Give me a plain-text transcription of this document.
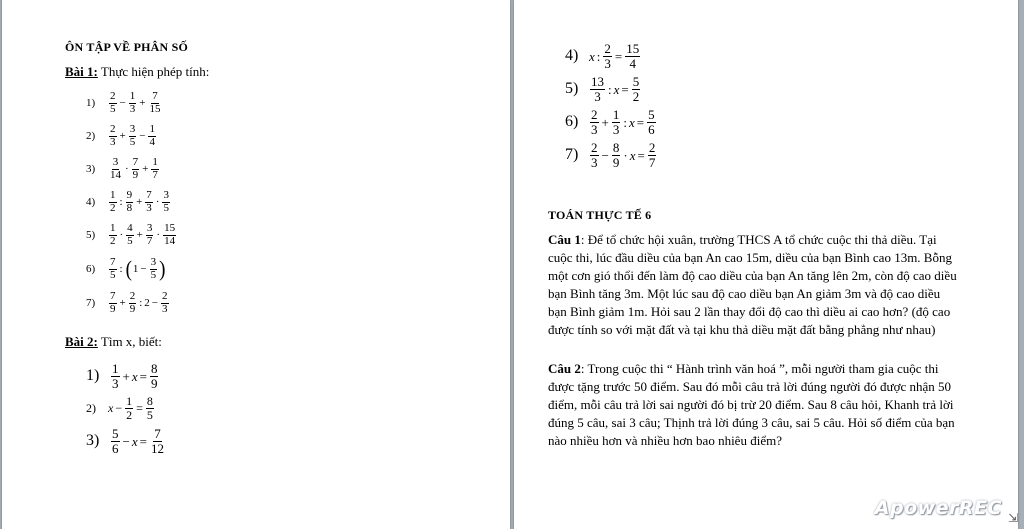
ÔN TẬP VỀ PHÂN SỐ
Bài 1: Thực hiện phép tính:
1)	$\frac{2}{5} - \frac{1}{3} + \frac{7}{15}$
2)	$\frac{2}{3} + \frac{3}{5} - \frac{1}{4}$
3)	$\frac{3}{14} \cdot \frac{7}{9} + \frac{1}{7}$
4)	$\frac{1}{2}$ : $\frac{9}{8} + \frac{7}{3} \cdot \frac{3}{5}$
5)	$\frac{1}{2} \cdot \frac{4}{5} + \frac{3}{7} \cdot \frac{15}{14}$
6)	$\frac{7}{5}$ : ( $1 - \frac{3}{5}$ )
7)	$\frac{7}{9} + \frac{2}{9}$ : $2 - \frac{2}{3}$
Bài 2: Tìm x, biết:
$1) \frac{1}{3} + x = \frac{8}{9}$
2)	$x - \frac{1}{2} = \frac{8}{5}$
$3) \frac{5}{6} - x = \frac{7}{12}$
4) x : $\frac{2}{3} = \frac{15}{4}$
$5) \frac{13}{3}$ : $x = \frac{5}{2}$
$6) \frac{2}{3} + \frac{1}{3}$ : $x = \frac{5}{6}$
$7) \frac{2}{3} - \frac{8}{9} \cdot x = \frac{2}{7}$
TOÁN THỰC TẾ 6
Câu 1: Để tổ chức hội xuân, trường THCS A tổ chức cuộc thi thả diều. Tại cuộc thi, lúc đầu diều của bạn An cao 15m, diều của bạn Bình cao 13m. Bỗng một cơn gió thổi đến làm độ cao diều của bạn An tăng lên 2m, còn độ cao diều bạn Bình tăng 3m. Một lúc sau độ cao diều bạn An giảm 3m và độ cao diều bạn Bình giảm 1m. Hỏi sau 2 lần thay đổi độ cao thì diều ai cao hơn? (độ cao được tính so với mặt đất và tại khu thả diều mặt đất bằng phẳng như nhau)
Câu 2: Trong cuộc thi “ Hành trình văn hoá ”, mỗi người tham gia cuộc thi được tặng trước 50 điểm. Sau đó mỗi câu trả lời đúng người đó được nhận 50 điểm, mỗi câu trả lời sai người đó bị trừ 20 điểm. Sau 8 câu hỏi, Khanh trả lời đúng 5 câu, sai 3 câu; Thịnh trả lời đúng 3 câu, sai 5 câu. Hỏi số điểm của bạn nào nhiều hơn và nhiều hơn bao nhiêu điểm?
ApowerREC ⇲
